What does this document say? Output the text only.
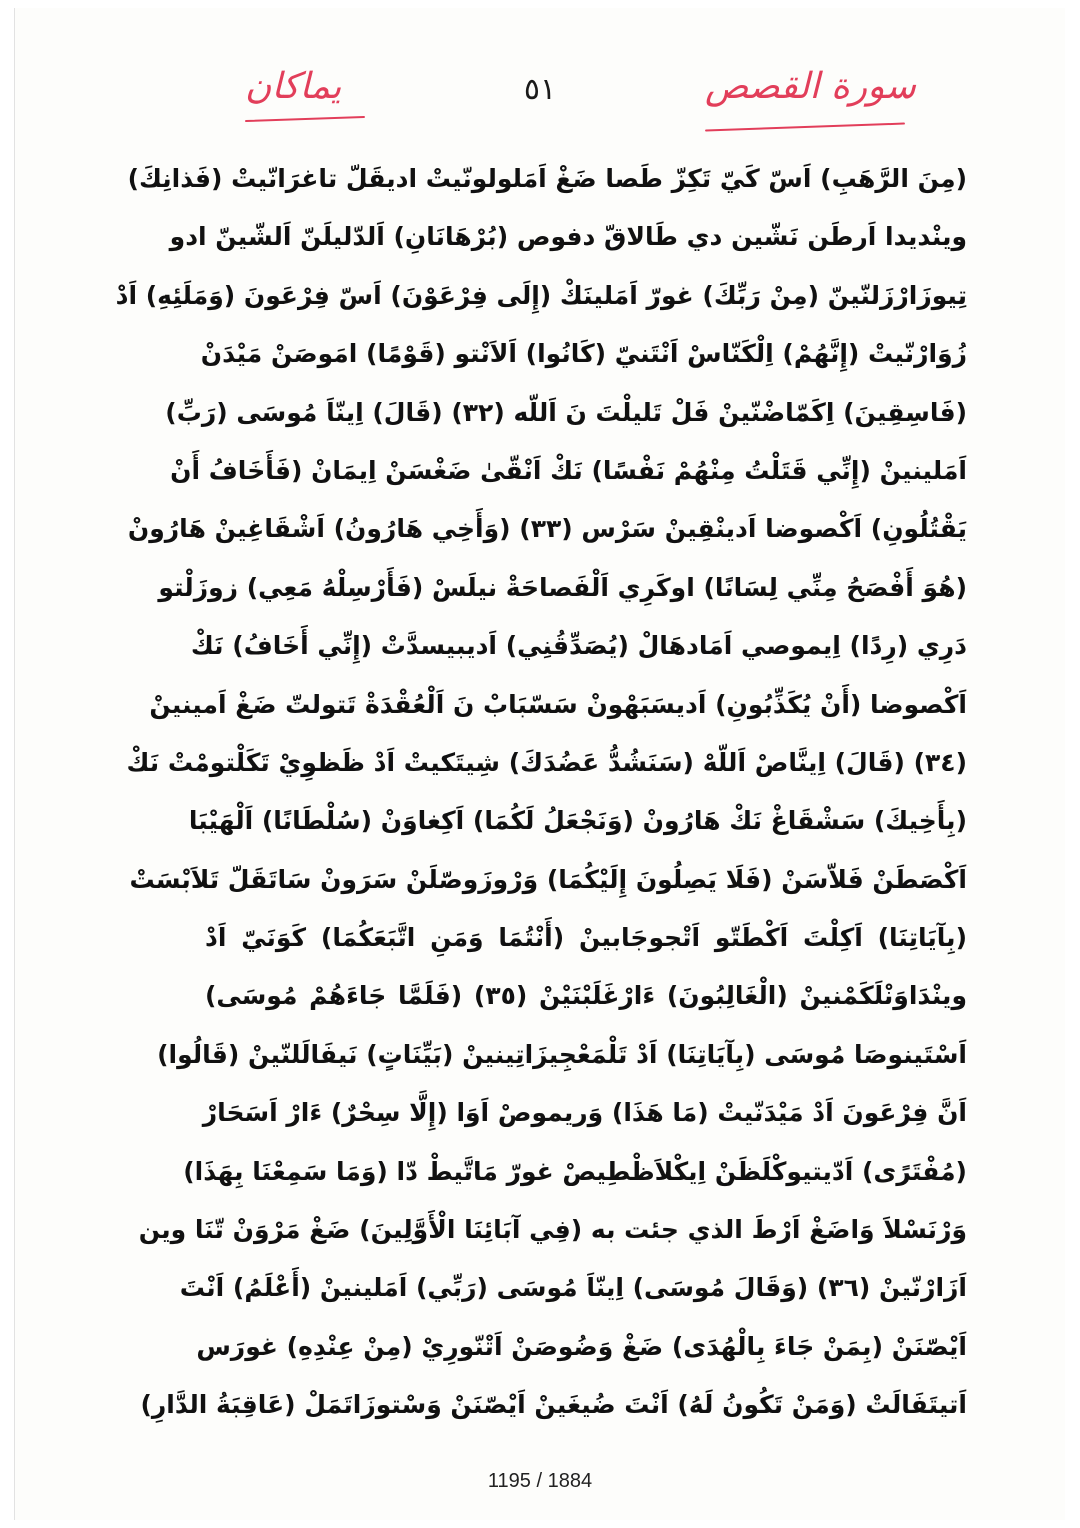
يماكان	٥١	سورة القصص
(مِنَ الرَّهَبِ) اَسّ كَيّ تَكِزّ طَصا ضَغْ اَمَلولونّيتْ اديقَلّ تاغرَانّيتْ (فَذانِكَ)
وينْديدا اَرطَن نَشّين دي طَالاقّ دفوص (بُرْهَانَانِ) اَلدّليلَنّ اَلشّينّ ادو
تِيوزَارْزَلنّينّ (مِنْ رَبِّكَ) غورّ اَمَلينَكْ (إِلَى فِرْعَوْنَ) اَسّ فِرْعَونَ (وَمَلَئِهِ) اَدْ
زُوَارْنّيتْ (إِنَّهُمْ) اِلْكَنّاسْ اَنْتَنيّ (كَانُوا) اَلاَنْتو (قَوْمًا) امَوصَنْ مَيْدَنْ
(فَاسِقِينَ) اِكَمّاضْنّينْ فَلْ تَليلْتَ نَ اَللّه (٣٢) (قَالَ) اِينّاَ مُوسَى (رَبِّ)
اَمَلينينْ (إِنِّي قَتَلْتُ مِنْهُمْ نَفْسًا) نَكْ اَنْقّىٰ ضَغْسَنْ اِيمَانْ (فَأَخَافُ أَنْ
يَقْتُلُونِ) اَكْصوضا اَدينْقِينْ سَرْس (٣٣) (وَأَخِي هَارُونُ) اَشْقَاغِينْ هَارُونْ
(هُوَ أَفْصَحُ مِنِّي لِسَانًا) اوكَرِي اَلْفَصاحَةْ نيلَسْ (فَأَرْسِلْهُ مَعِي) زوزَلْتو
دَرِي (رِدًا) اِيموصي اَمَادهَالْ (يُصَدِّقُنِي) اَديبيسدَّتْ (إِنِّي أَخَافُ) نَكْ
اَكْصوضا (أَنْ يُكَذِّبُونِ) اَديسَبَهْونْ سَسّبَابْ نَ اَلْعُقْدَةْ تَتولتّ ضَغْ اَمينينْ
(٣٤) (قَالَ) اِينَّاصْ اَللّهْ (سَنَشُدُّ عَضُدَكَ) شِيتَكيتْ اَدْ ظَظوِيْ تَكَلْتومْتْ نَكْ
(بِأَخِيكَ) سَشْقَاغْ نَكْ هَارُونْ (وَنَجْعَلُ لَكُمَا) اَكِغاوَنْ (سُلْطَانًا) اَلْهَيْبَا
اَكْصَطَنْ فَلاّسَنْ (فَلَا يَصِلُونَ إِلَيْكُمَا) وَرْوزَوصّلَنْ سَرَونْ سَاتَقَلّ تَلاَبْسَتْ
(بِآيَاتِنَا) اَكِلْتَ اَكْطَتّو اَتْجوجَابينْ (أَنْتُمَا وَمَنِ اتَّبَعَكُمَا) كَوَنَيّ اَدْ
وينْدَاوَنْلَكَمْنينْ (الْغَالِبُونَ) ءَارْغَلَبْنَيْنْ (٣٥) (فَلَمَّا جَاءَهُمْ مُوسَى)
اَسْتَينوصَا مُوسَى (بِآيَاتِنَا) اَدْ تَلْمَعْجِيزَاتِينينْ (بَيِّنَاتٍ) نَيفَالَلنّينْ (قَالُوا)
اَنَّ فِرْعَونَ اَدْ مَيْدَنّيتْ (مَا هَذَا) وَريموصْ اَوَا (إِلَّا سِحْرٌ) ءَارْ اَسَحَارْ
(مُفْتَرًى) اَدّيتيوكْلَظَنْ اِيكْلاَظْطِيصْ غورّ مَاتَّيطْ دّا (وَمَا سَمِعْنَا بِهَذَا)
وَرْنَسْلاَ وَاضَغْ اَرْطَ الذي جئت به (فِي آبَائِنَا الْأَوَّلِينَ) ضَغْ مَرْوَنْ تّنَا وين
اَزَارْنّينْ (٣٦) (وَقَالَ مُوسَى) اِينّاَ مُوسَى (رَبِّي) اَمَلينينْ (أَعْلَمُ) اَنْتَ
اَيْصّنَنْ (بِمَنْ جَاءَ بِالْهُدَى) ضَغْ وَضُوصَنْ اَتْنّورِيْ (مِنْ عِنْدِهِ) غورَس
اَتيتَفَالَتْ (وَمَنْ تَكُونُ لَهُ) اَنْتَ ضُيغَينْ اَيْصّنَنْ وَسْتوزَاتَمَلْ (عَاقِبَةُ الدَّارِ)
1195 / 1884
